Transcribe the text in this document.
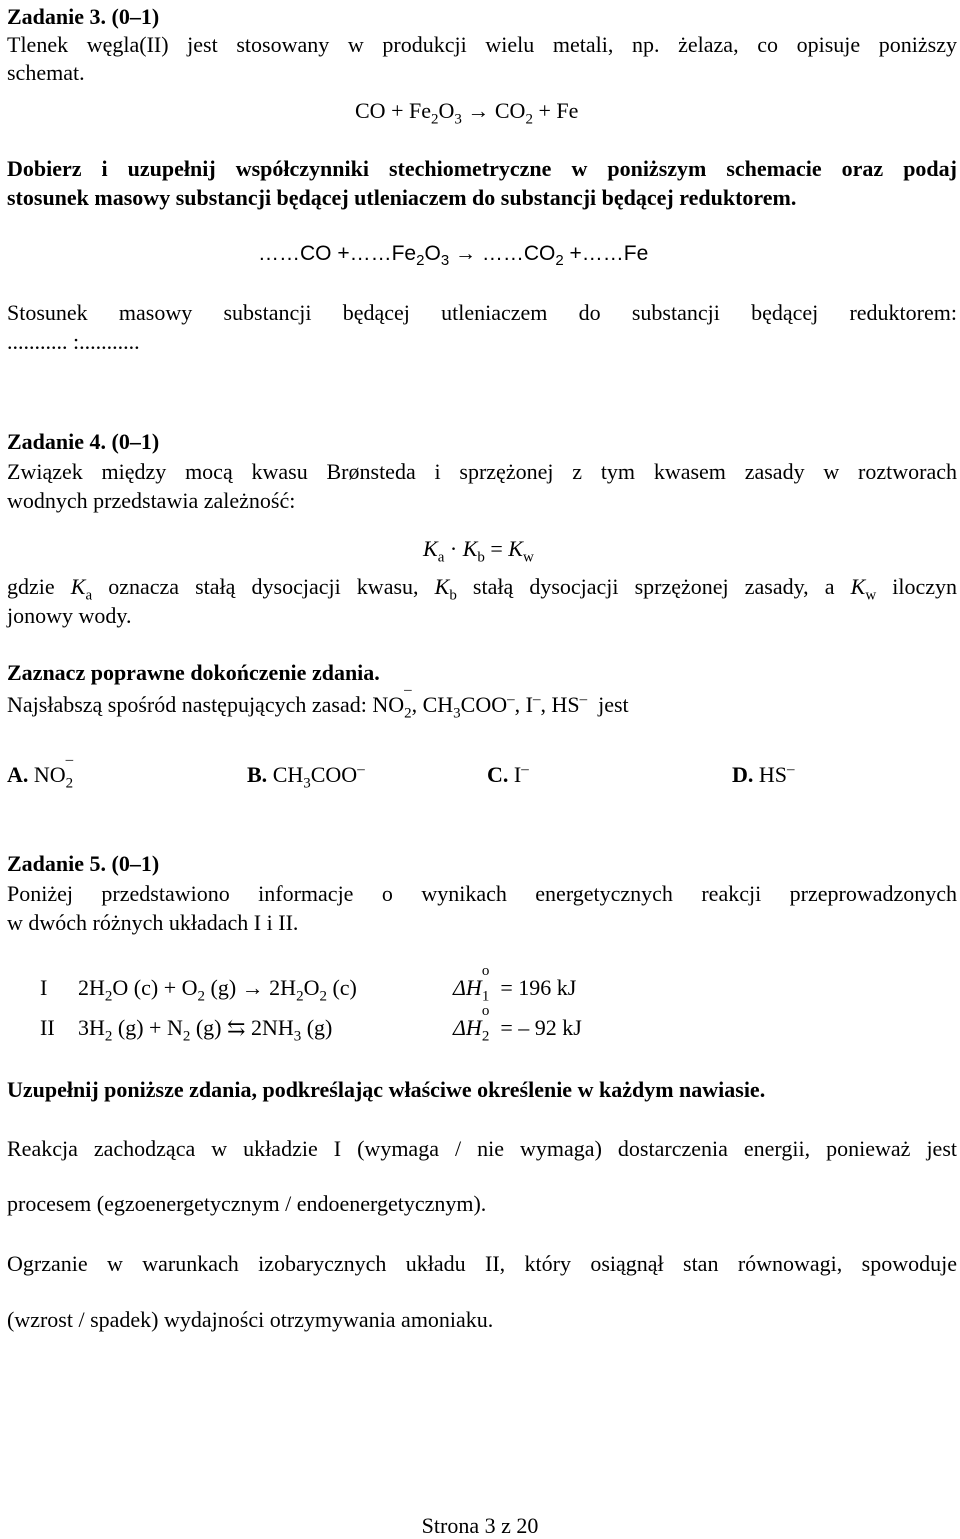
Zadanie 3. (0–1)
Tlenek węgla(II) jest stosowany w produkcji wielu metali, np. żelaza, co opisuje poniższy
schemat.
CO + $Fe_2O_3 \to CO_2 + Fe$
Dobierz i uzupełnij współczynniki stechiometryczne w poniższym schemacie oraz podaj
stosunek masowy substancji będącej utleniaczem do substancji będącej reduktorem.
……CO $+\dots\dots Fe_2O_3$ → $\dots\dots CO_2$ +……Fe
Stosunek masowy substancji będącej utleniaczem do substancji będącej reduktorem:
........... :...........
Zadanie 4. (0–1)
Związek między mocą kwasu Brønsteda i sprzężonej z tym kwasem zasady w roztworach
wodnych przedstawia zależność:
$K_a \cdot K_b = K_w$
gdzie $K_a$ oznacza stałą dysocjacji kwasu, $K_b$ stałą dysocjacji sprzężonej zasady, a $K_w$ iloczyn
jonowy wody.
Zaznacz poprawne dokończenie zdania.
Najsłabszą spośród następujących zasad: $NO_2$
–
, $CH_3COO^-$, I–, HS– jest
A. $NO_2$
–
B. $CH_3COO^-$	C. I–	D. HS–
Zadanie 5. (0–1)
Poniżej przedstawiono informacje o wynikach energetycznych reakcji przeprowadzonych
w dwóch różnych układach I i II.
I $2H_2O$ $(c) + O_2$ $(g) \to 2H_2O_2$ (c)	$\Delta H_1$
o
= 196 kJ
II $3H_2$ $(g) + N_2$ (g) ⇆ $2NH_3$ (g)	$\Delta H_2$
o
= – 92 kJ
Uzupełnij poniższe zdania, podkreślając właściwe określenie w każdym nawiasie.
Reakcja zachodząca w układzie I (wymaga / nie wymaga) dostarczenia energii, ponieważ jest
procesem (egzoenergetycznym / endoenergetycznym).
Ogrzanie w warunkach izobarycznych układu II, który osiągnął stan równowagi, spowoduje
(wzrost / spadek) wydajności otrzymywania amoniaku.
Strona 3 z 20
